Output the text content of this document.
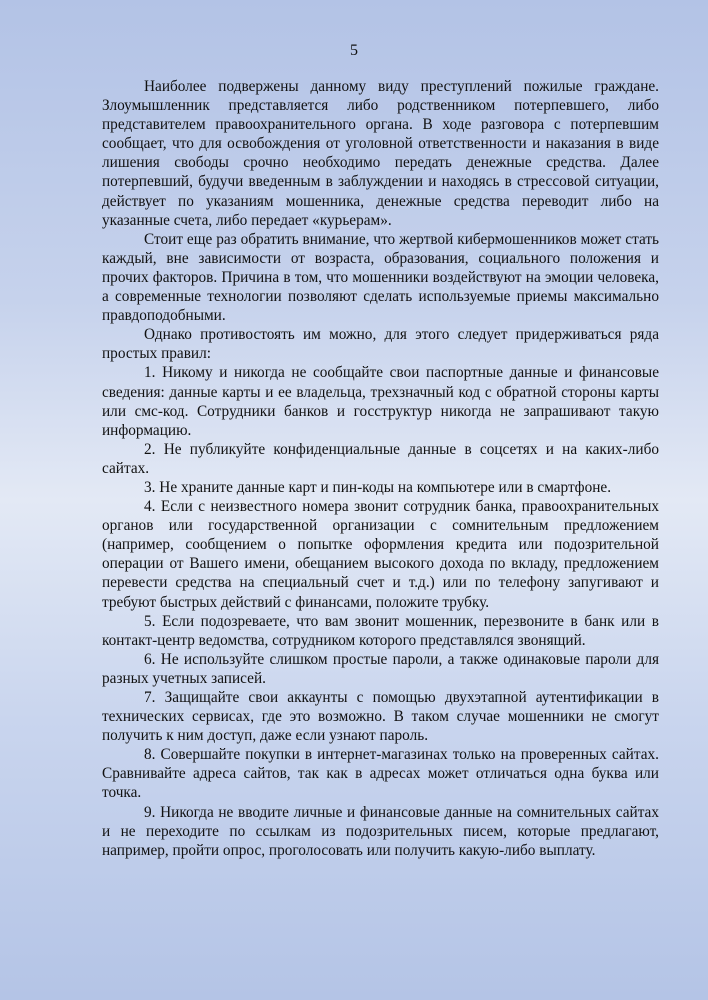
5

Наиболее подвержены данному виду преступлений пожилые граждане. Злоумышленник представляется либо родственником потерпевшего, либо представителем правоохранительного органа. В ходе разговора с потерпевшим сообщает, что для освобождения от уголовной ответственности и наказания в виде лишения свободы срочно необходимо передать денежные средства. Далее потерпевший, будучи введенным в заблуждении и находясь в стрессовой ситуации, действует по указаниям мошенника, денежные средства переводит либо на указанные счета, либо передает «курьерам».

Стоит еще раз обратить внимание, что жертвой кибермошенников может стать каждый, вне зависимости от возраста, образования, социального положения и прочих факторов. Причина в том, что мошенники воздействуют на эмоции человека, а современные технологии позволяют сделать используемые приемы максимально правдоподобными.

Однако противостоять им можно, для этого следует придерживаться ряда простых правил:

1. Никому и никогда не сообщайте свои паспортные данные и финансовые сведения: данные карты и ее владельца, трехзначный код с обратной стороны карты или смс-код. Сотрудники банков и госструктур никогда не запрашивают такую информацию.

2. Не публикуйте конфиденциальные данные в соцсетях и на каких-либо сайтах.

3. Не храните данные карт и пин-коды на компьютере или в смартфоне.

4. Если с неизвестного номера звонит сотрудник банка, правоохранительных органов или государственной организации с сомнительным предложением (например, сообщением о попытке оформления кредита или подозрительной операции от Вашего имени, обещанием высокого дохода по вкладу, предложением перевести средства на специальный счет и т.д.) или по телефону запугивают и требуют быстрых действий с финансами, положите трубку.

5. Если подозреваете, что вам звонит мошенник, перезвоните в банк или в контакт-центр ведомства, сотрудником которого представлялся звонящий.

6. Не используйте слишком простые пароли, а также одинаковые пароли для разных учетных записей.

7. Защищайте свои аккаунты с помощью двухэтапной аутентификации в технических сервисах, где это возможно. В таком случае мошенники не смогут получить к ним доступ, даже если узнают пароль.

8. Совершайте покупки в интернет-магазинах только на проверенных сайтах. Сравнивайте адреса сайтов, так как в адресах может отличаться одна буква или точка.

9. Никогда не вводите личные и финансовые данные на сомнительных сайтах и не переходите по ссылкам из подозрительных писем, которые предлагают, например, пройти опрос, проголосовать или получить какую-либо выплату.
